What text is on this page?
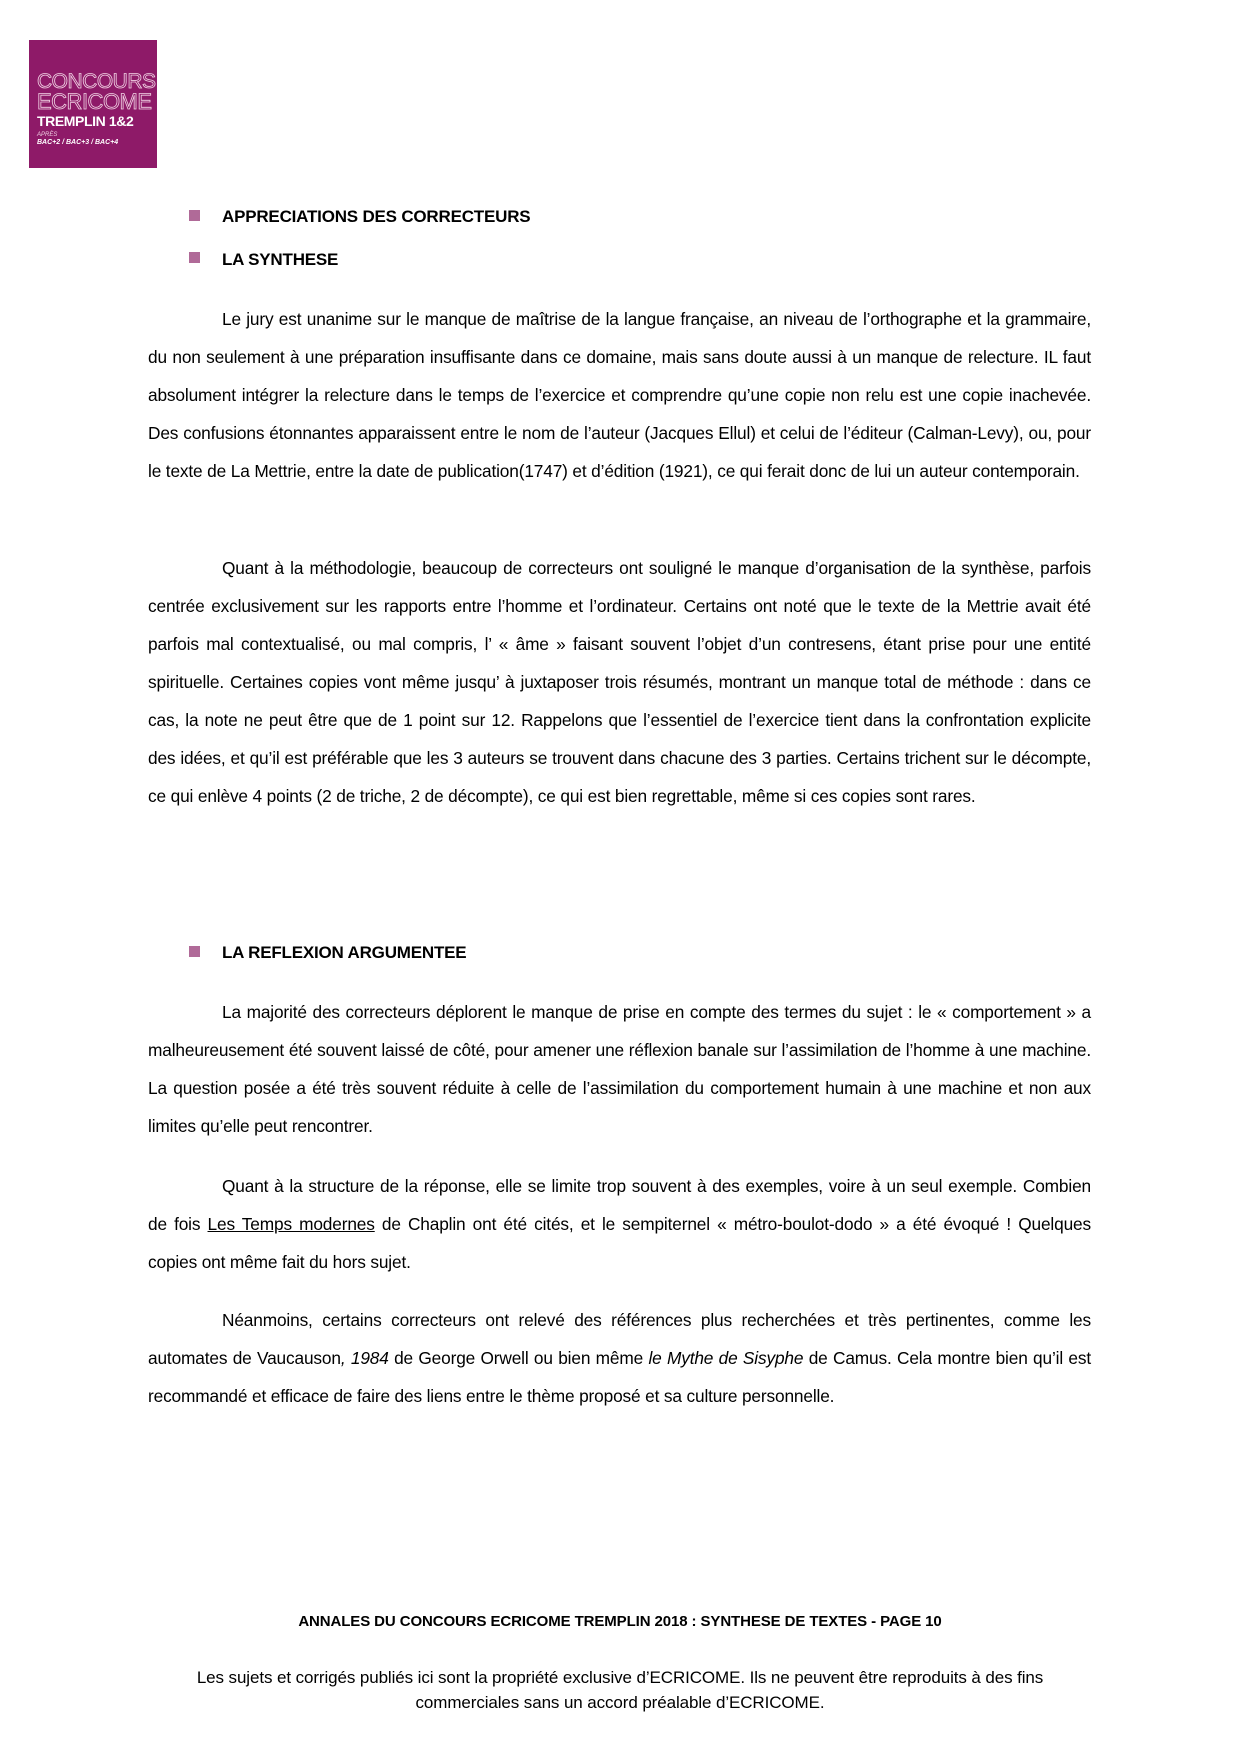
CONCOURS
ECRICOME
TREMPLIN 1&2
APRÈS
BAC+2 / BAC+3 / BAC+4
APPRECIATIONS DES CORRECTEURS
LA SYNTHESE

Le jury est unanime sur le manque de maîtrise de la langue française, an niveau de l’orthographe et la grammaire, du non seulement à une préparation insuffisante dans ce domaine, mais sans doute aussi à un manque de relecture. IL faut absolument intégrer la relecture dans le temps de l’exercice et comprendre qu’une copie non relu est une copie inachevée. Des confusions étonnantes apparaissent entre le nom de l’auteur (Jacques Ellul) et celui de l’éditeur (Calman-Levy), ou, pour le texte de La Mettrie, entre la date de publication(1747) et d’édition (1921), ce qui ferait donc de lui un auteur contemporain.

Quant à la méthodologie, beaucoup de correcteurs ont souligné le manque d’organisation de la synthèse, parfois centrée exclusivement sur les rapports entre l’homme et l’ordinateur. Certains ont noté que le texte de la Mettrie avait été parfois mal contextualisé, ou mal compris, l’ « âme » faisant souvent l’objet d’un contresens, étant prise pour une entité spirituelle. Certaines copies vont même jusqu’ à juxtaposer trois résumés, montrant un manque total de méthode : dans ce cas, la note ne peut être que de 1 point sur 12. Rappelons que l’essentiel de l’exercice tient dans la confrontation explicite des idées, et qu’il est préférable que les 3 auteurs se trouvent dans chacune des 3 parties. Certains trichent sur le décompte, ce qui enlève 4 points (2 de triche, 2 de décompte), ce qui est bien regrettable, même si ces copies sont rares.

LA REFLEXION ARGUMENTEE

La majorité des correcteurs déplorent le manque de prise en compte des termes du sujet : le « comportement » a malheureusement été souvent laissé de côté, pour amener une réflexion banale sur l’assimilation de l’homme à une machine. La question posée a été très souvent réduite à celle de l’assimilation du comportement humain à une machine et non aux limites qu’elle peut rencontrer.

Quant à la structure de la réponse, elle se limite trop souvent à des exemples, voire à un seul exemple. Combien de fois Les Temps modernes de Chaplin ont été cités, et le sempiternel « métro-boulot-dodo » a été évoqué ! Quelques copies ont même fait du hors sujet.

Néanmoins, certains correcteurs ont relevé des références plus recherchées et très pertinentes, comme les automates de Vaucauson, 1984 de George Orwell ou bien même le Mythe de Sisyphe de Camus. Cela montre bien qu’il est recommandé et efficace de faire des liens entre le thème proposé et sa culture personnelle.

ANNALES DU CONCOURS ECRICOME TREMPLIN 2018 : SYNTHESE DE TEXTES - PAGE 10
Les sujets et corrigés publiés ici sont la propriété exclusive d’ECRICOME. Ils ne peuvent être reproduits à des fins commerciales sans un accord préalable d’ECRICOME.
